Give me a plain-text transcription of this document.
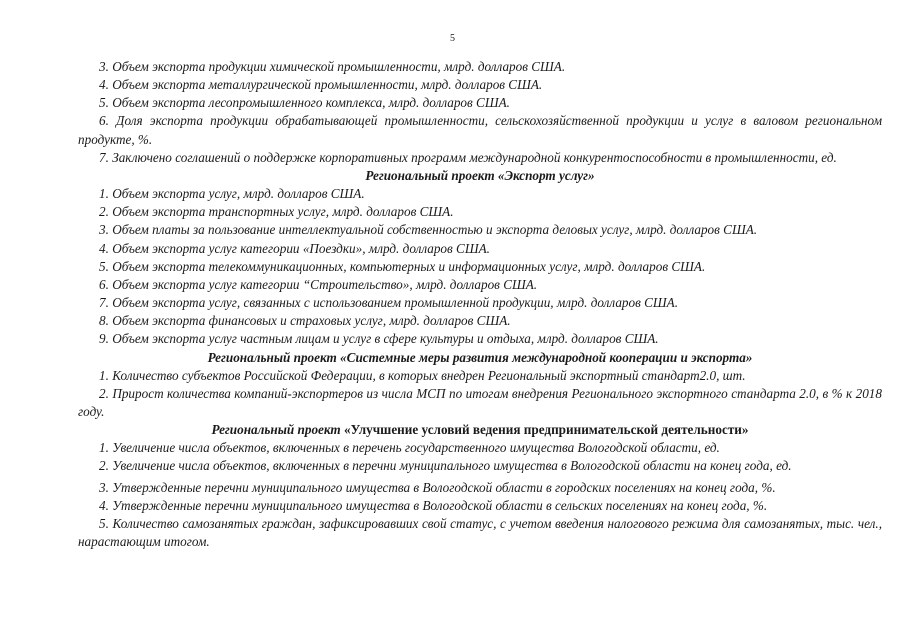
5

3. Объем экспорта продукции химической промышленности, млрд. долларов США.

4. Объем экспорта металлургической промышленности, млрд. долларов США.

5. Объем экспорта лесопромышленного комплекса, млрд. долларов США.

6. Доля экспорта продукции обрабатывающей промышленности, сельскохозяйственной продукции и услуг в валовом региональном продукте, %.

7. Заключено соглашений о поддержке корпоративных программ международной конкурентоспособности в промышленности, ед.

Региональный проект «Экспорт услуг»

1. Объем экспорта услуг, млрд. долларов США.

2. Объем экспорта транспортных услуг, млрд. долларов США.

3. Объем платы за пользование интеллектуальной собственностью и экспорта деловых услуг, млрд. долларов США.

4. Объем экспорта услуг категории «Поездки», млрд. долларов США.

5. Объем экспорта телекоммуникационных, компьютерных и информационных услуг, млрд. долларов США.

6. Объем экспорта услуг категории “Строительство», млрд. долларов США.

7. Объем экспорта услуг, связанных с использованием промышленной продукции, млрд. долларов США.

8. Объем экспорта финансовых и страховых услуг, млрд. долларов США.

9. Объем экспорта услуг частным лицам и услуг в сфере культуры и отдыха, млрд. долларов США.

Региональный проект «Системные меры развития международной кооперации и экспорта»

1. Количество субъектов Российской Федерации, в которых внедрен Региональный экспортный стандарт2.0, шт.

2. Прирост количества компаний-экспортеров из числа МСП по итогам внедрения Регионального экспортного стандарта 2.0, в % к 2018 году.

Региональный проект «Улучшение условий ведения предпринимательской деятельности»

1. Увеличение числа объектов, включенных в перечень государственного имущества Вологодской области, ед.

2. Увеличение числа объектов, включенных в перечни муниципального имущества в Вологодской области на конец года, ед.

3. Утвержденные перечни муниципального имущества в Вологодской области в городских поселениях на конец года, %.

4. Утвержденные перечни муниципального имущества в Вологодской области в сельских поселениях на конец года, %.

5. Количество самозанятых граждан, зафиксировавших свой статус, с учетом введения налогового режима для самозанятых, тыс. чел., нарастающим итогом.
